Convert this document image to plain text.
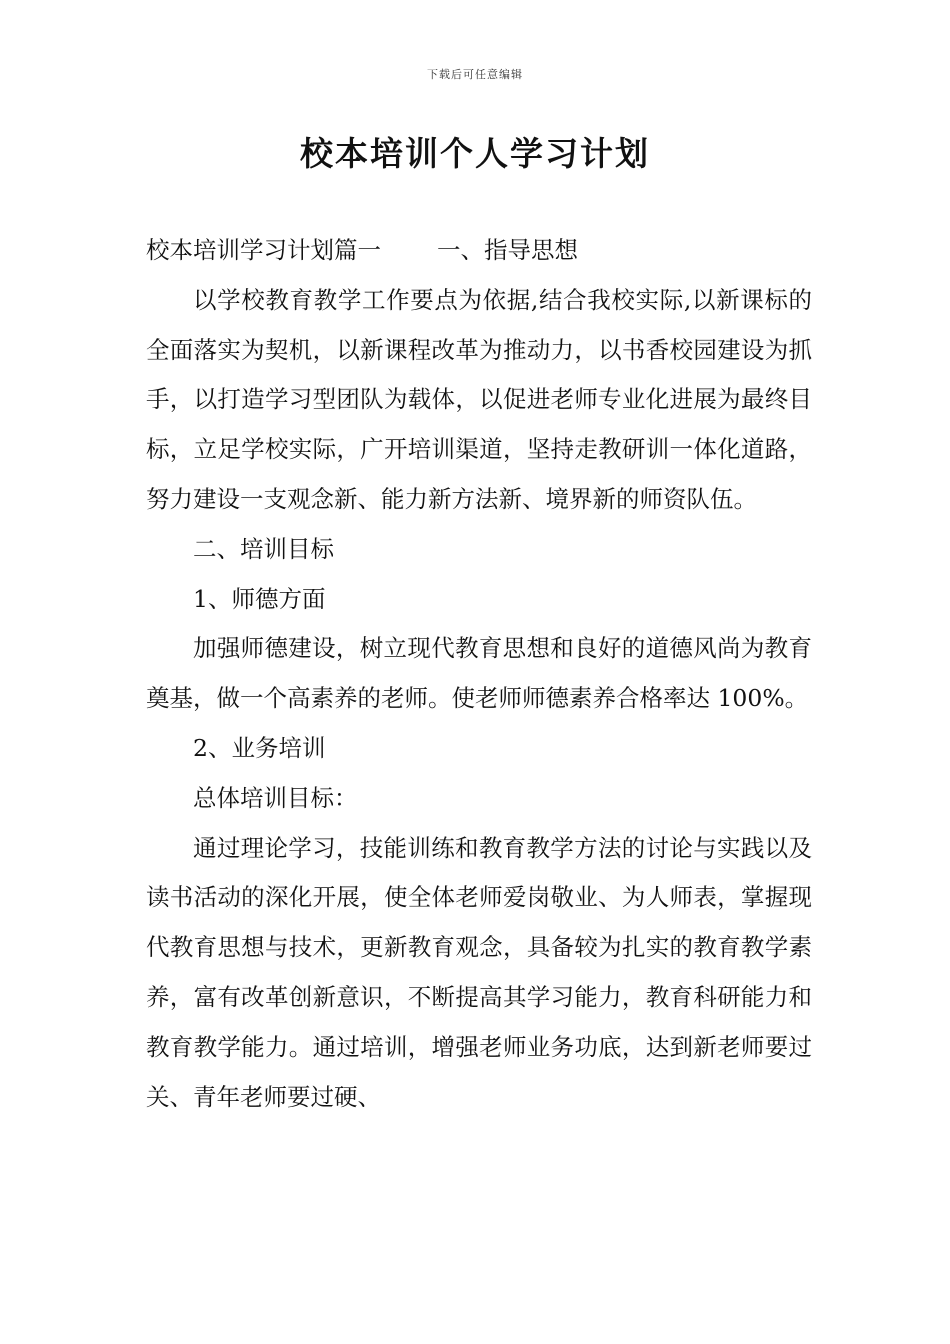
下载后可任意编辑
校本培训个人学习计划

校本培训学习计划篇一 一、指导思想

以学校教育教学工作要点为依据,结合我校实际,以新课标的全面落实为契机，以新课程改革为推动力，以书香校园建设为抓手，以打造学习型团队为载体，以促进老师专业化进展为最终目标，立足学校实际，广开培训渠道，坚持走教研训一体化道路，努力建设一支观念新、能力新方法新、境界新的师资队伍。

二、培训目标

1、师德方面

加强师德建设，树立现代教育思想和良好的道德风尚为教育奠基，做一个高素养的老师。使老师师德素养合格率达 100%。

2、业务培训

总体培训目标：

通过理论学习，技能训练和教育教学方法的讨论与实践以及读书活动的深化开展，使全体老师爱岗敬业、为人师表，掌握现代教育思想与技术，更新教育观念，具备较为扎实的教育教学素养，富有改革创新意识，不断提高其学习能力，教育科研能力和教育教学能力。通过培训，增强老师业务功底，达到新老师要过关、青年老师要过硬、
